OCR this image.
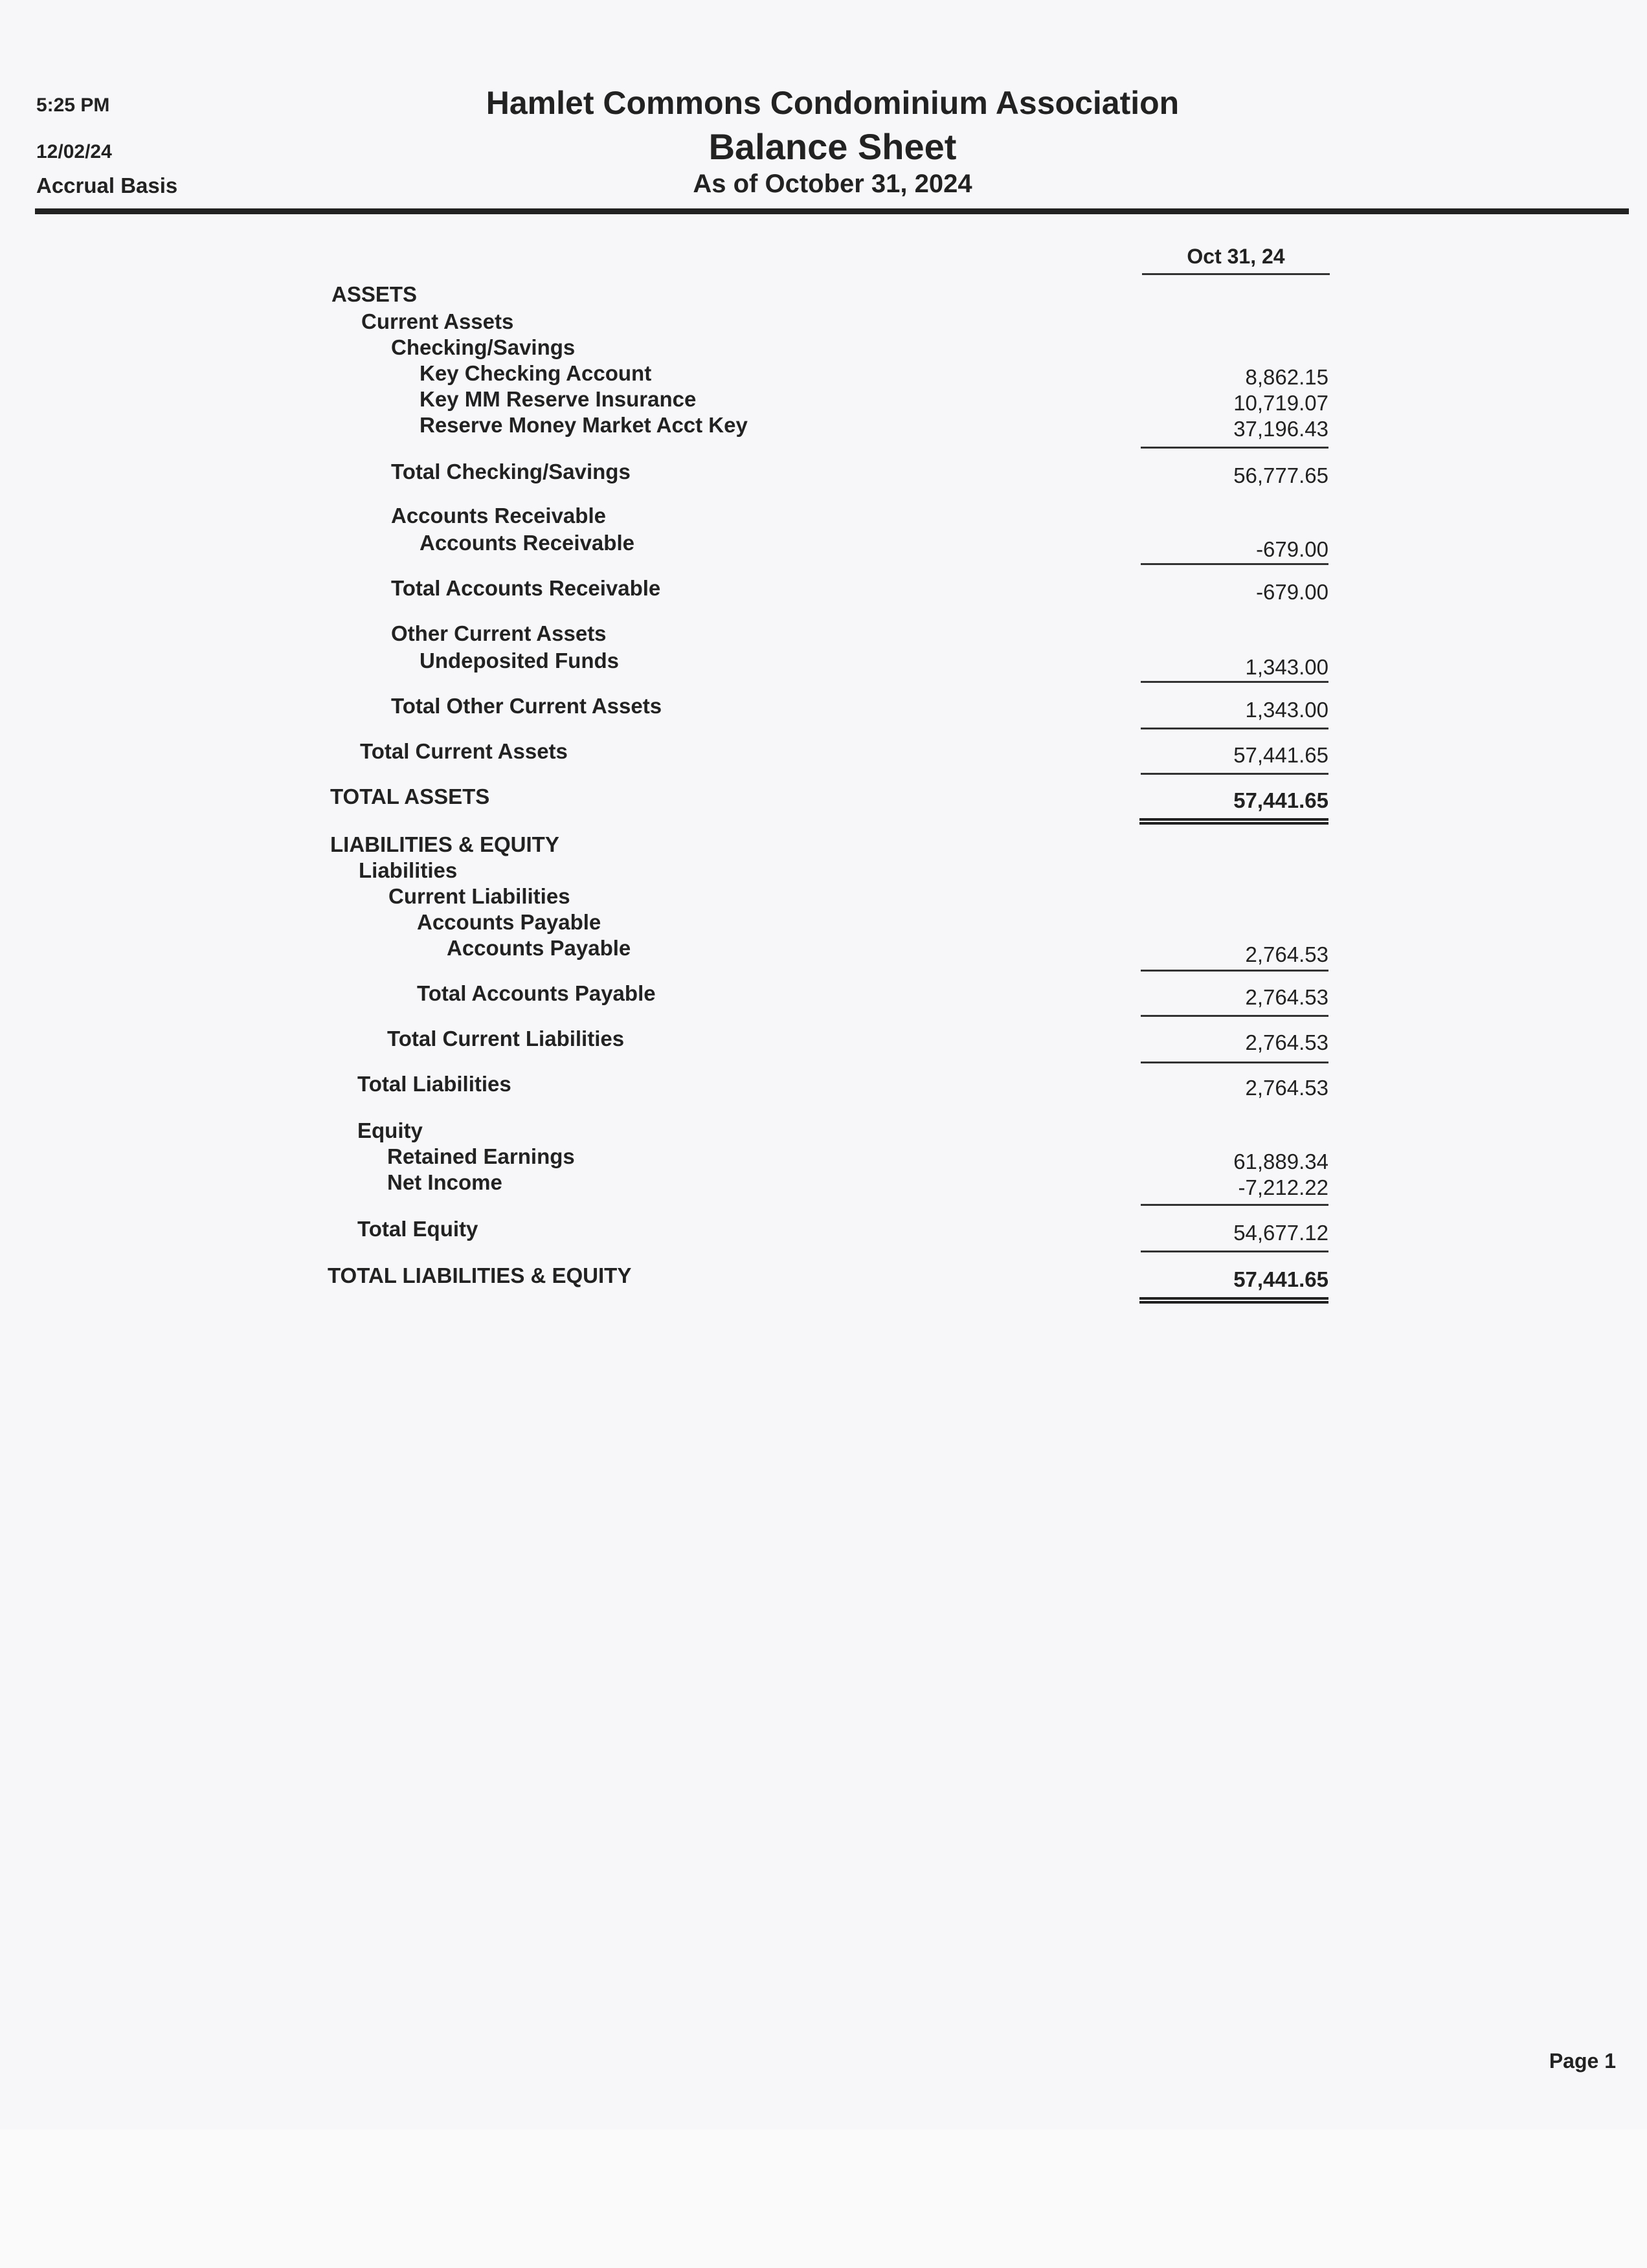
5:25 PM
12/02/24
Accrual Basis
Hamlet Commons Condominium Association
Balance Sheet
As of October 31, 2024
Oct 31, 24
ASSETS
Current Assets
Checking/Savings
Key Checking Account	8,862.15
Key MM Reserve Insurance	10,719.07
Reserve Money Market Acct Key	37,196.43
Total Checking/Savings	56,777.65
Accounts Receivable
Accounts Receivable	-679.00
Total Accounts Receivable	-679.00
Other Current Assets
Undeposited Funds	1,343.00
Total Other Current Assets	1,343.00
Total Current Assets	57,441.65
TOTAL ASSETS	57,441.65
LIABILITIES & EQUITY
Liabilities
Current Liabilities
Accounts Payable
Accounts Payable	2,764.53
Total Accounts Payable	2,764.53
Total Current Liabilities	2,764.53
Total Liabilities	2,764.53
Equity
Retained Earnings	61,889.34
Net Income	-7,212.22
Total Equity	54,677.12
TOTAL LIABILITIES & EQUITY	57,441.65
Page 1
